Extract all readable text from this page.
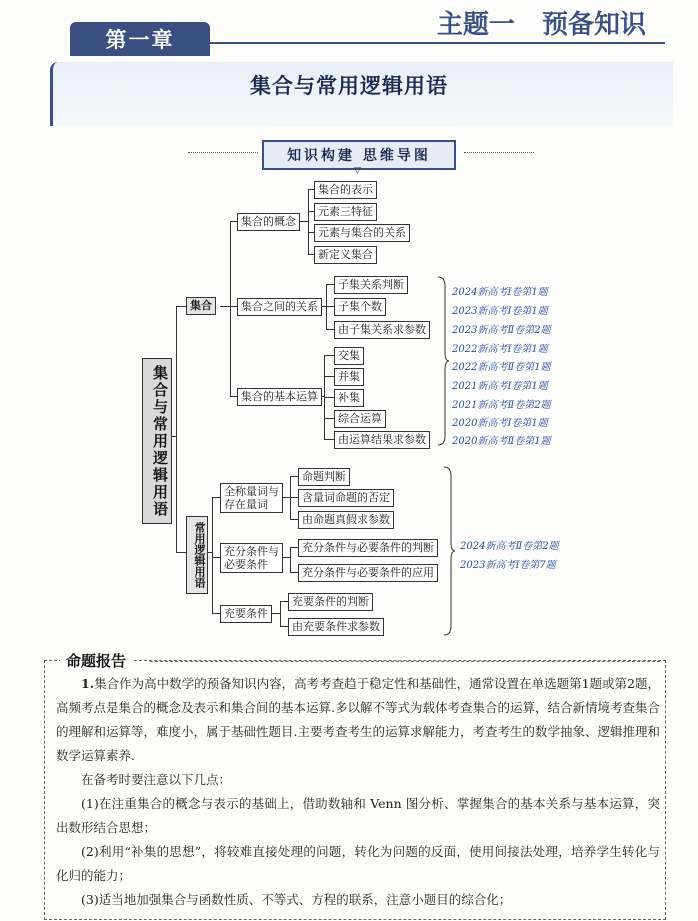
第一章	主题一   预备知识
集合与常用逻辑用语
知识构建 思维导图
▽
集合与常用逻辑用语
集合
集合的概念
集合的表示
元素三特征
元素与集合的关系
新定义集合
集合之间的关系
子集关系判断
子集个数
由子集关系求参数
集合的基本运算
交集
并集
补集
综合运算
由运算结果求参数
常用逻辑用语
全称量词与
存在量词
命题判断
含量词命题的否定
由命题真假求参数
充分条件与
必要条件
充分条件与必要条件的判断
充分条件与必要条件的应用
充要条件
充要条件的判断
由充要条件求参数
2024新高考Ⅰ卷第1题
2023新高考Ⅰ卷第1题
2023新高考Ⅱ卷第2题
2022新高考Ⅰ卷第1题
2022新高考Ⅱ卷第1题
2021新高考Ⅰ卷第1题
2021新高考Ⅱ卷第2题
2020新高考Ⅰ卷第1题
2020新高考Ⅱ卷第1题
2024新高考Ⅱ卷第2题
2023新高考Ⅰ卷第7题
命题报告
1.集合作为高中数学的预备知识内容，高考考查趋于稳定性和基础性，通常设置在单选题第1题或第2题，高频考点是集合的概念及表示和集合间的基本运算.多以解不等式为载体考查集合的运算，结合新情境考查集合的理解和运算等，难度小，属于基础性题目.主要考查考生的运算求解能力，考查考生的数学抽象、逻辑推理和数学运算素养.
在备考时要注意以下几点：
(1)在注重集合的概念与表示的基础上，借助数轴和 Venn 图分析、掌握集合的基本关系与基本运算，突出数形结合思想；
(2)利用“补集的思想”，将较难直接处理的问题，转化为问题的反面，使用间接法处理，培养学生转化与化归的能力；
(3)适当地加强集合与函数性质、不等式、方程的联系，注意小题目的综合化；
